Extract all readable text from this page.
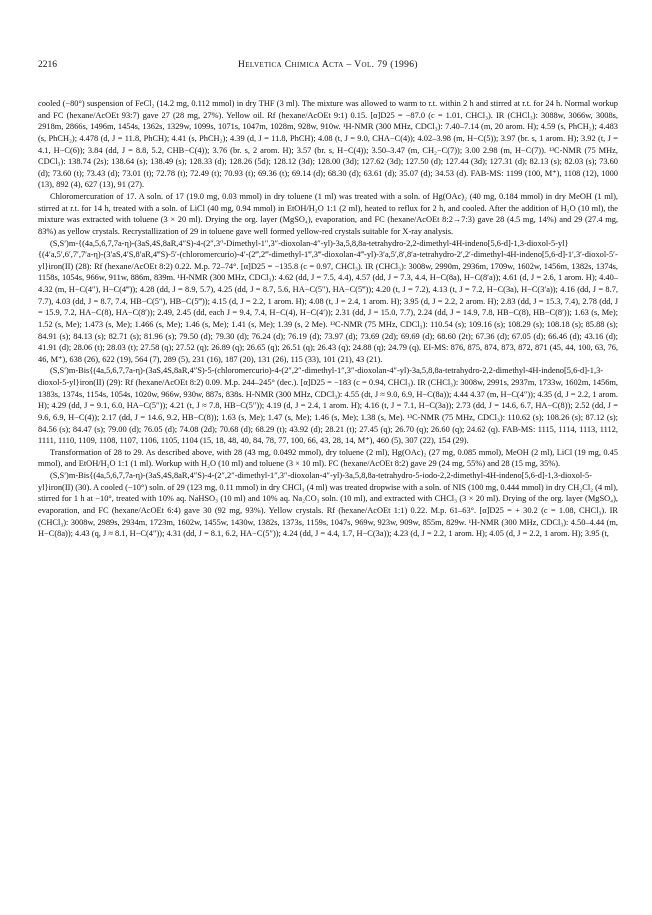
2216	Helvetica Chimica Acta – Vol. 79 (1996)

cooled (−80°) suspension of FeCl₂ (14.2 mg, 0.112 mmol) in dry THF (3 ml). The mixture was allowed to warm to r.t. within 2 h and stirred at r.t. for 24 h. Normal workup and FC (hexane/AcOEt 93:7) gave 27 (28 mg, 27%). Yellow oil. Rf (hexane/AcOEt 9:1) 0.15. [α]D25 = −87.0 (c = 1.01, CHCl₃). IR (CHCl₃): 3088w, 3066w, 3008s, 2918m, 2866s, 1496m, 1454s, 1362s, 1329w, 1099s, 1071s, 1047m, 1028m, 928w, 910w. ¹H-NMR (300 MHz, CDCl₃): 7.40–7.14 (m, 20 arom. H); 4.59 (s, PhCH₂); 4.483 (s, PhCH₂); 4.478 (d, J = 11.8, PhCH); 4.41 (s, PhCH₂); 4.39 (d, J = 11.8, PhCH); 4.08 (t, J = 9.0, CHA−C(4)); 4.02–3.98 (m, H−C(5)); 3.97 (br. s, 1 arom. H); 3.92 (t, J = 4.1, H−C(6)); 3.84 (dd, J = 8.8, 5.2, CHB−C(4)); 3.76 (br. s, 2 arom. H); 3.57 (br. s, H−C(4)); 3.50–3.47 (m, CH₂−C(7)); 3.00 2.98 (m, H−C(7)). ¹³C-NMR (75 MHz, CDCl₃): 138.74 (2s); 138.64 (s); 138.49 (s); 128.33 (d); 128.26 (5d); 128.12 (3d); 128.00 (3d); 127.62 (3d); 127.50 (d); 127.44 (3d); 127.31 (d); 82.13 (s); 82.03 (s); 73.60 (d); 73.60 (t); 73.43 (d); 73.01 (t); 72.78 (t); 72.49 (t); 70.93 (t); 69.36 (t); 69.14 (d); 68.30 (d); 63.61 (d); 35.07 (d); 34.53 (d). FAB-MS: 1199 (100, M⁺), 1108 (12), 1000 (13), 892 (4), 627 (13), 91 (27).

Chloromercuration of 17. A soln. of 17 (19.0 mg, 0.03 mmol) in dry toluene (1 ml) was treated with a soln. of Hg(OAc)₂ (40 mg, 0.184 mmol) in dry MeOH (1 ml), stirred at r.t. for 14 h, treated with a soln. of LiCl (40 mg, 0.94 mmol) in EtOH/H₂O 1:1 (2 ml), heated to reflux for 2 h, and cooled. After the addition of H₂O (10 ml), the mixture was extracted with toluene (3 × 20 ml). Drying the org. layer (MgSO₄), evaporation, and FC (hexane/AcOEt 8:2→7:3) gave 28 (4.5 mg, 14%) and 29 (27.4 mg, 83%) as yellow crystals. Recrystallization of 29 in toluene gave well formed yellow-red crystals suitable for X-ray analysis.

(S,S′)m-{(4a,5,6,7,7a-η)-(3aS,4S,8aR,4″S)-4-(2″,3″-Dimethyl-1″,3″-dioxolan-4″-yl)-3a,5,8,8a-tetrahydro-2,2-dimethyl-4H-indeno[5,6-d]-1,3-dioxol-5-yl}{(4′a,5′,6′,7′,7′a-η)-(3′aS,4′S,8′aR,4‴S)-5′-(chloromercurio)-4′-(2‴,2‴-dimethyl-1‴,3‴-dioxolan-4‴-yl)-3′a,5′,8′,8′a-tetrahydro-2′,2′-dimethyl-4H-indeno[5,6-d]-1′,3′-dioxol-5′-yl}iron(II) (28): Rf (hexane/AcOEt 8:2) 0.22. M.p. 72–74°. [α]D25 = −135.8 (c = 0.97, CHCl₃). IR (CHCl₃): 3008w, 2990m, 2936m, 1709w, 1602w, 1456m, 1382s, 1374s, 1158s, 1054s, 966w, 911w, 886m, 839m. ¹H-NMR (300 MHz, CDCl₃): 4.62 (dd, J = 7.5, 4.4), 4.57 (dd, J = 7.3, 4.4, H−C(8a), H−C(8′a)); 4.61 (d, J = 2.6, 1 arom. H); 4.40–4.32 (m, H−C(4″), H−C(4‴)); 4.28 (dd, J = 8.9, 5.7), 4.25 (dd, J = 8.7, 5.6, HA−C(5″), HA−C(5‴)); 4.20 (t, J = 7.2), 4.13 (t, J = 7.2, H−C(3a), H−C(3′a)); 4.16 (dd, J = 8.7, 7.7), 4.03 (dd, J = 8.7, 7.4, HB−C(5″), HB−C(5‴)); 4.15 (d, J = 2.2, 1 arom. H); 4.08 (t, J = 2.4, 1 arom. H); 3.95 (d, J = 2.2, 2 arom. H); 2.83 (dd, J = 15.3, 7.4), 2.78 (dd, J = 15.9, 7.2, HA−C(8), HA−C(8′)); 2.49, 2.45 (dd, each J = 9.4, 7.4, H−C(4), H−C(4′)); 2.31 (dd, J = 15.0, 7.7), 2.24 (dd, J = 14.9, 7.8, HB−C(8), HB−C(8′)); 1.63 (s, Me); 1.52 (s, Me); 1.473 (s, Me); 1.466 (s, Me); 1.46 (s, Me); 1.41 (s, Me); 1.39 (s, 2 Me). ¹³C-NMR (75 MHz, CDCl₃): 110.54 (s); 109.16 (s); 108.29 (s); 108.18 (s); 85.88 (s); 84.91 (s); 84.13 (s); 82.71 (s); 81.96 (s); 79.50 (d); 79.30 (d); 76.24 (d); 76.19 (d); 73.97 (d); 73.69 (2d); 69.69 (d); 68.60 (2t); 67.36 (d); 67.05 (d); 66.46 (d); 43.16 (d); 41.91 (d); 28.06 (t); 28.03 (t); 27.58 (q); 27.52 (q); 26.89 (q); 26.65 (q); 26.51 (q); 26.43 (q); 24.88 (q); 24.79 (q). EI-MS: 876, 875, 874, 873, 872, 871 (45, 44, 100, 63, 76, 46, M⁺), 638 (26), 622 (19), 564 (7), 289 (5), 231 (16), 187 (20), 131 (26), 115 (33), 101 (21), 43 (21).

(S,S′)m-Bis{(4a,5,6,7,7a-η)-(3aS,4S,8aR,4″S)-5-(chloromercurio)-4-(2″,2″-dimethyl-1″,3″-dioxolan-4″-yl)-3a,5,8,8a-tetrahydro-2,2-dimethyl-4H-indeno[5,6-d]-1,3-dioxol-5-yl}iron(II) (29): Rf (hexane/AcOEt 8:2) 0.09. M.p. 244–245° (dec.). [α]D25 = −183 (c = 0.94, CHCl₃). IR (CHCl₃): 3008w, 2991s, 2937m, 1733w, 1602m, 1456m, 1383s, 1374s, 1154s, 1054s, 1020w, 966w, 930w, 887s, 838s. H-NMR (300 MHz, CDCl₃): 4.55 (dt, J ≈ 9.0, 6.9, H−C(8a)); 4.44 4.37 (m, H−C(4″)); 4.35 (d, J = 2.2, 1 arom. H); 4.29 (dd, J = 9.1, 6.0, HA−C(5″)); 4.21 (t, J ≈ 7.8, HB−C(5″)); 4.19 (d, J = 2.4, 1 arom. H); 4.16 (t, J = 7.1, H−C(3a)); 2.73 (dd, J = 14.6, 6.7, HA−C(8)); 2.52 (dd, J = 9.6, 6.9, H−C(4)); 2.17 (dd, J = 14.6, 9.2, HB−C(8)); 1.63 (s, Me); 1.47 (s, Me); 1.46 (s, Me); 1.38 (s, Me). ¹³C-NMR (75 MHz, CDCl₃): 110.62 (s); 108.26 (s); 87.12 (s); 84.56 (s); 84.47 (s); 79.00 (d); 76.05 (d); 74.08 (2d); 70.68 (d); 68.29 (t); 43.92 (d); 28.21 (t); 27.45 (q); 26.70 (q); 26.60 (q); 24.62 (q). FAB-MS: 1115, 1114, 1113, 1112, 1111, 1110, 1109, 1108, 1107, 1106, 1105, 1104 (15, 18, 48, 40, 84, 78, 77, 100, 66, 43, 28, 14, M⁺), 460 (5), 307 (22), 154 (29).

Transformation of 28 to 29. As described above, with 28 (43 mg, 0.0492 mmol), dry toluene (2 ml), Hg(OAc)₂ (27 mg, 0.085 mmol), MeOH (2 ml), LiCl (19 mg, 0.45 mmol), and EtOH/H₂O 1:1 (1 ml). Workup with H₂O (10 ml) and toluene (3 × 10 ml). FC (hexane/AcOEt 8:2) gave 29 (24 mg, 55%) and 28 (15 mg, 35%).

(S,S′)m-Bis{(4a,5,6,7,7a-η)-(3aS,4S,8aR,4″S)-4-(2″,2″-dimethyl-1″,3″-dioxolan-4″-yl)-3a,5,8,8a-tetrahydro-5-iodo-2,2-dimethyl-4H-indeno[5,6-d]-1,3-dioxol-5-yl}iron(II) (30). A cooled (−10°) soln. of 29 (123 mg, 0.11 mmol) in dry CHCl₃ (4 ml) was treated dropwise with a soln. of NIS (100 mg, 0.444 mmol) in dry CH₂Cl₂ (4 ml), stirred for 1 h at −10°, treated with 10% aq. NaHSO₃ (10 ml) and 10% aq. Na₂CO₃ soln. (10 ml), and extracted with CHCl₃ (3 × 20 ml). Drying of the org. layer (MgSO₄), evaporation, and FC (hexane/AcOEt 6:4) gave 30 (92 mg, 93%). Yellow crystals. Rf (hexane/AcOEt 1:1) 0.22. M.p. 61–63°. [α]D25 = + 30.2 (c = 1.08, CHCl₃). IR (CHCl₃): 3008w, 2989s, 2934m, 1723m, 1602w, 1455w, 1430w, 1382s, 1373s, 1159s, 1047s, 969w, 923w, 909w, 855m, 829w. ¹H-NMR (300 MHz, CDCl₃): 4.50–4.44 (m, H−C(8a)); 4.43 (q, J ≈ 8.1, H−C(4″)); 4.31 (dd, J = 8.1, 6.2, HA−C(5″)); 4.24 (dd, J = 4.4, 1.7, H−C(3a)); 4.23 (d, J = 2.2, 1 arom. H); 4.05 (d, J = 2.2, 1 arom. H); 3.95 (t,
